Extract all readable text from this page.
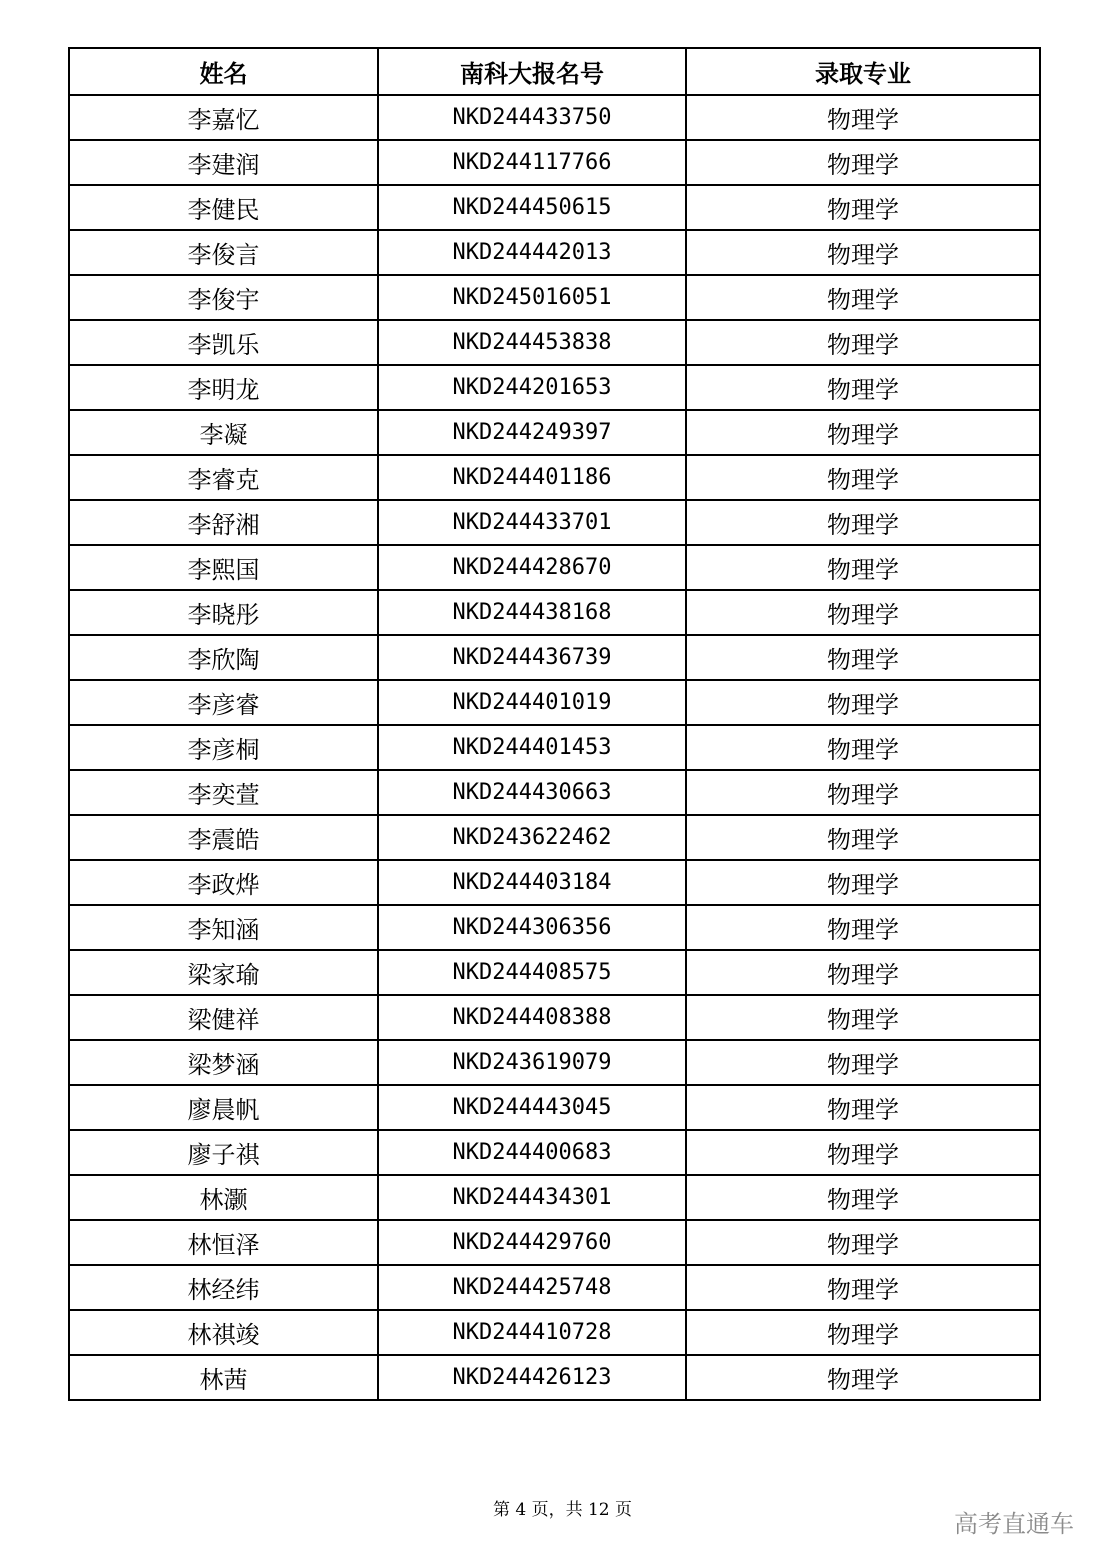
姓名	南科大报名号	录取专业
李嘉忆	NKD244433750	物理学
李建润	NKD244117766	物理学
李健民	NKD244450615	物理学
李俊言	NKD244442013	物理学
李俊宇	NKD245016051	物理学
李凯乐	NKD244453838	物理学
李明龙	NKD244201653	物理学
李凝	NKD244249397	物理学
李睿克	NKD244401186	物理学
李舒湘	NKD244433701	物理学
李熙国	NKD244428670	物理学
李晓彤	NKD244438168	物理学
李欣陶	NKD244436739	物理学
李彦睿	NKD244401019	物理学
李彦桐	NKD244401453	物理学
李奕萱	NKD244430663	物理学
李震皓	NKD243622462	物理学
李政烨	NKD244403184	物理学
李知涵	NKD244306356	物理学
梁家瑜	NKD244408575	物理学
梁健祥	NKD244408388	物理学
梁梦涵	NKD243619079	物理学
廖晨帆	NKD244443045	物理学
廖子祺	NKD244400683	物理学
林灏	NKD244434301	物理学
林恒泽	NKD244429760	物理学
林经纬	NKD244425748	物理学
林祺竣	NKD244410728	物理学
林茜	NKD244426123	物理学
第 4 页，共 12 页	高考直通车
